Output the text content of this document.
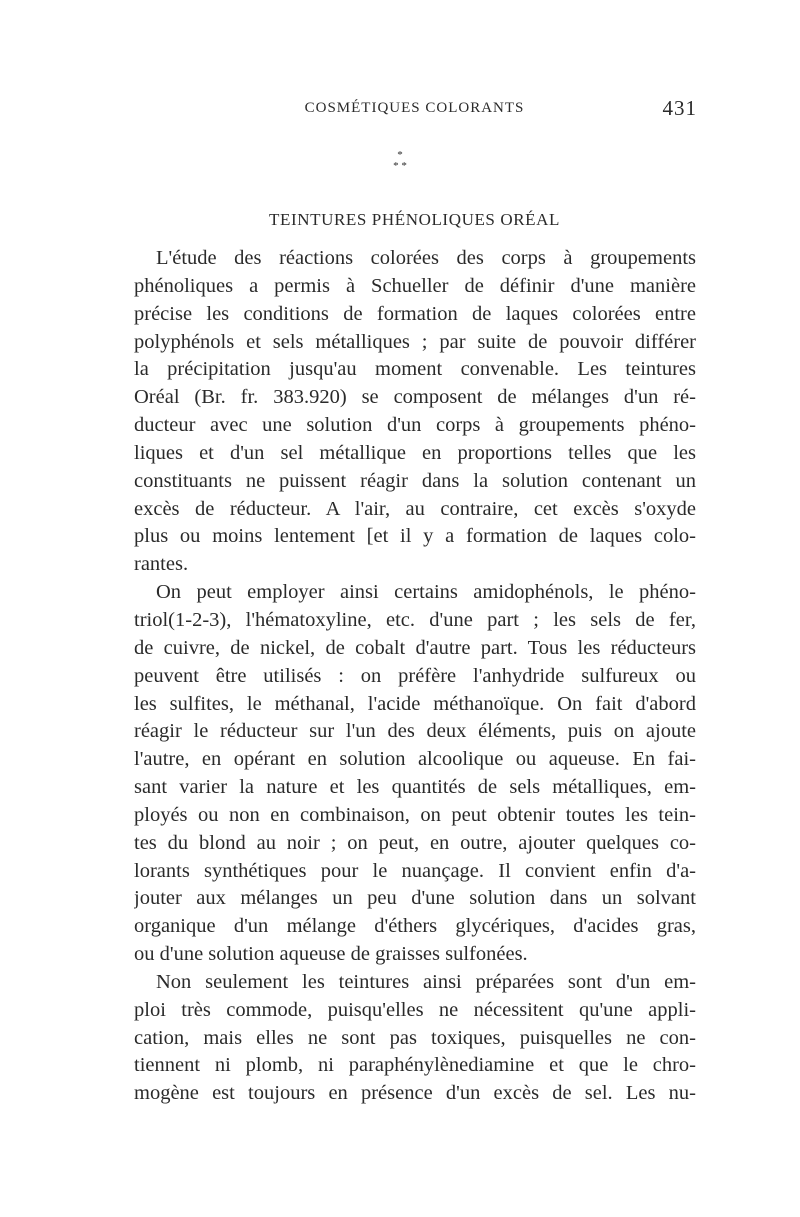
COSMÉTIQUES COLORANTS	431
*
* *
TEINTURES PHÉNOLIQUES ORÉAL
L'étude des réactions colorées des corps à groupements
phénoliques a permis à Schueller de définir d'une manière
précise les conditions de formation de laques colorées entre
polyphénols et sels métalliques ; par suite de pouvoir différer
la précipitation jusqu'au moment convenable. Les teintures
Oréal (Br. fr. 383.920) se composent de mélanges d'un ré-
ducteur avec une solution d'un corps à groupements phéno-
liques et d'un sel métallique en proportions telles que les
constituants ne puissent réagir dans la solution contenant un
excès de réducteur. A l'air, au contraire, cet excès s'oxyde
plus ou moins lentement [et il y a formation de laques colo-
rantes.
On peut employer ainsi certains amidophénols, le phéno-
triol(1-2-3), l'hématoxyline, etc. d'une part ; les sels de fer,
de cuivre, de nickel, de cobalt d'autre part. Tous les réducteurs
peuvent être utilisés : on préfère l'anhydride sulfureux ou
les sulfites, le méthanal, l'acide méthanoïque. On fait d'abord
réagir le réducteur sur l'un des deux éléments, puis on ajoute
l'autre, en opérant en solution alcoolique ou aqueuse. En fai-
sant varier la nature et les quantités de sels métalliques, em-
ployés ou non en combinaison, on peut obtenir toutes les tein-
tes du blond au noir ; on peut, en outre, ajouter quelques co-
lorants synthétiques pour le nuançage. Il convient enfin d'a-
jouter aux mélanges un peu d'une solution dans un solvant
organique d'un mélange d'éthers glycériques, d'acides gras,
ou d'une solution aqueuse de graisses sulfonées.
Non seulement les teintures ainsi préparées sont d'un em-
ploi très commode, puisqu'elles ne nécessitent qu'une appli-
cation, mais elles ne sont pas toxiques, puisquelles ne con-
tiennent ni plomb, ni paraphénylènediamine et que le chro-
mogène est toujours en présence d'un excès de sel. Les nu-
